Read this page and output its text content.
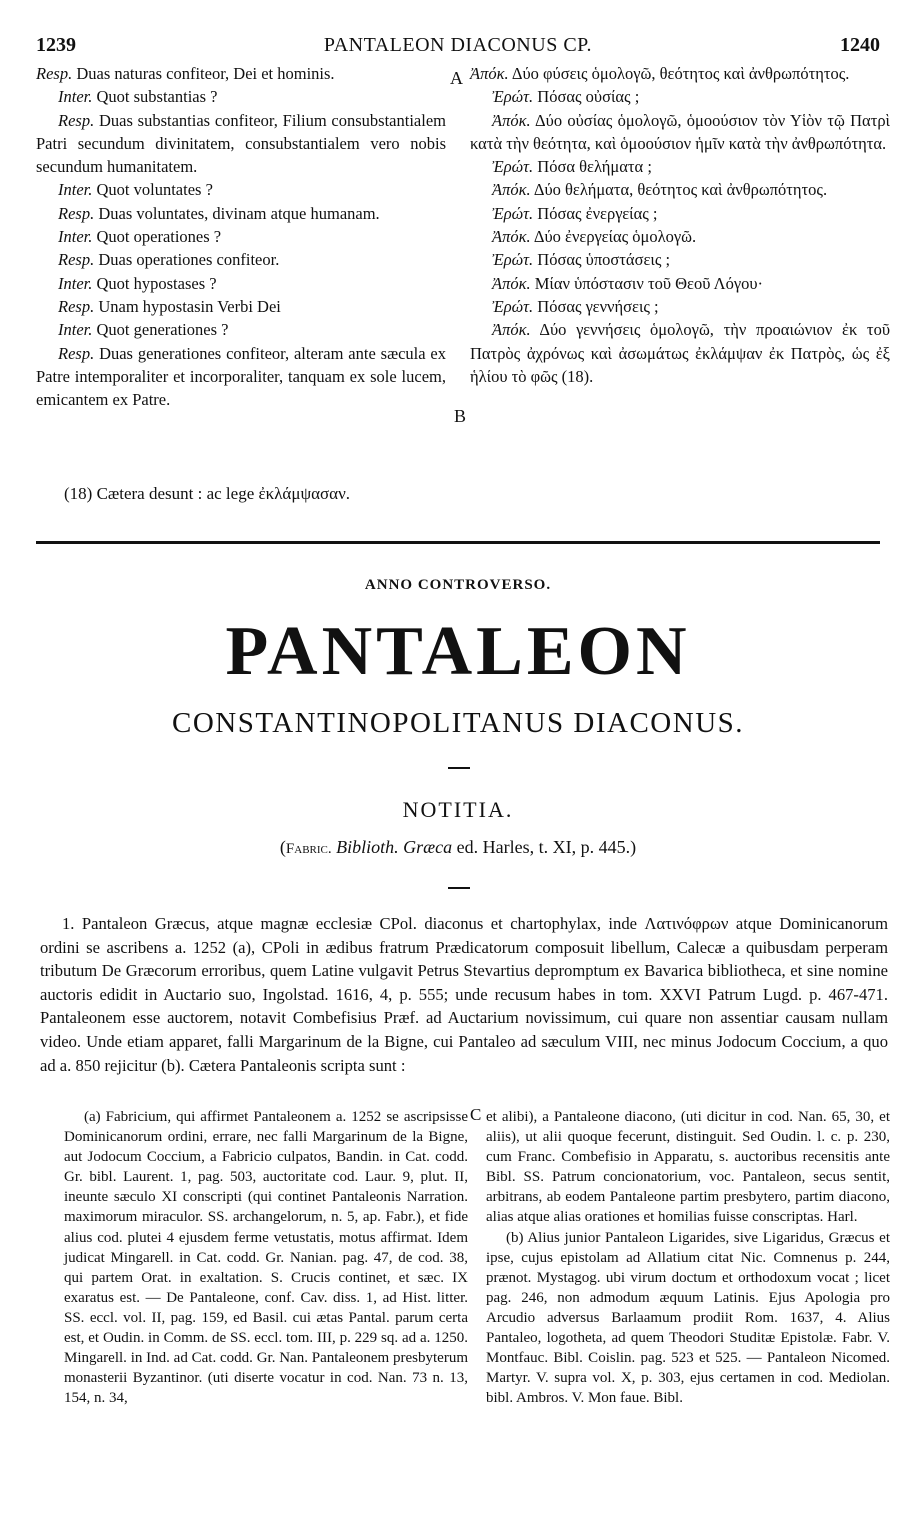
1239	PANTALEON DIACONUS CP.	1240
Resp. Duas naturas confiteor, Dei et hominis.
Inter. Quot substantias ?
Resp. Duas substantias confiteor, Filium consubstantialem Patri secundum divinitatem, consubstantialem vero nobis secundum humanitatem.
Inter. Quot voluntates ?
Resp. Duas voluntates, divinam atque humanam.
Inter. Quot operationes ?
Resp. Duas operationes confiteor.
Inter. Quot hypostases ?
Resp. Unam hypostasin Verbi Dei
Inter. Quot generationes ?
Resp. Duas generationes confiteor, alteram ante sæcula ex Patre intemporaliter et incorporaliter, tanquam ex sole lucem, emicantem ex Patre.
A
B
Ἀπόκ. Δύο φύσεις ὁμολογῶ, θεότητος καὶ ἀνθρωπότητος.
Ἐρώτ. Πόσας οὐσίας ;
Ἀπόκ. Δύο οὐσίας ὁμολογῶ, ὁμοούσιον τὸν Υἱὸν τῷ Πατρὶ κατὰ τὴν θεότητα, καὶ ὁμοούσιον ἡμῖν κατὰ τὴν ἀνθρωπότητα.
Ἐρώτ. Πόσα θελήματα ;
Ἀπόκ. Δύο θελήματα, θεότητος καὶ ἀνθρωπότητος.
Ἐρώτ. Πόσας ἐνεργείας ;
Ἀπόκ. Δύο ἐνεργείας ὁμολογῶ.
Ἐρώτ. Πόσας ὑποστάσεις ;
Ἀπόκ. Μίαν ὑπόστασιν τοῦ Θεοῦ Λόγου·
Ἐρώτ. Πόσας γεννήσεις ;
Ἀπόκ. Δύο γεννήσεις ὁμολογῶ, τὴν προαιώνιον ἐκ τοῦ Πατρὸς ἀχρόνως καὶ ἀσωμάτως ἐκλάμψαν ἐκ Πατρὸς, ὡς ἐξ ἡλίου τὸ φῶς (18).
(18) Cætera desunt : ac lege ἐκλάμψασαν.
ANNO CONTROVERSO.
PANTALEON
CONSTANTINOPOLITANUS DIACONUS.
NOTITIA.
(Fabric. Biblioth. Græca ed. Harles, t. XI, p. 445.)
1. Pantaleon Græcus, atque magnæ ecclesiæ CPol. diaconus et chartophylax, inde Λατινόφρων atque Dominicanorum ordini se ascribens a. 1252 (a), CPoli in ædibus fratrum Prædicatorum composuit libellum, Calecæ a quibusdam perperam tributum De Græcorum erroribus, quem Latine vulgavit Petrus Stevartius depromptum ex Bavarica bibliotheca, et sine nomine auctoris edidit in Auctario suo, Ingolstad. 1616, 4, p. 555; unde recusum habes in tom. XXVI Patrum Lugd. p. 467-471. Pantaleonem esse auctorem, notavit Combefisius Præf. ad Auctarium novissimum, cui quare non assentiar causam nullam video. Unde etiam apparet, falli Margarinum de la Bigne, cui Pantaleo ad sæculum VIII, nec minus Jodocum Coccium, a quo ad a. 850 rejicitur (b). Cætera Pantaleonis scripta sunt :
C

(a) Fabricium, qui affirmet Pantaleonem a. 1252 se ascripsisse Dominicanorum ordini, errare, nec falli Margarinum de la Bigne, aut Jodocum Coccium, a Fabricio culpatos, Bandin. in Cat. codd. Gr. bibl. Laurent. 1, pag. 503, auctoritate cod. Laur. 9, plut. II, ineunte sæculo XI conscripti (qui continet Pantaleonis Narration. maximorum miraculor. SS. archangelorum, n. 5, ap. Fabr.), et fide alius cod. plutei 4 ejusdem ferme vetustatis, motus affirmat. Idem judicat Mingarell. in Cat. codd. Gr. Nanian. pag. 47, de cod. 38, qui partem Orat. in exaltation. S. Crucis continet, et sæc. IX exaratus est. — De Pantaleone, conf. Cav. diss. 1, ad Hist. litter. SS. eccl. vol. II, pag. 159, ed Basil. cui ætas Pantal. parum certa est, et Oudin. in Comm. de SS. eccl. tom. III, p. 229 sq. ad a. 1250. Mingarell. in Ind. ad Cat. codd. Gr. Nan. Pantaleonem presbyterum monasterii Byzantinor. (uti diserte vocatur in cod. Nan. 73 n. 13, 154, n. 34,

et alibi), a Pantaleone diacono, (uti dicitur in cod. Nan. 65, 30, et aliis), ut alii quoque fecerunt, distinguit. Sed Oudin. l. c. p. 230, cum Franc. Combefisio in Apparatu, s. auctoribus recensitis ante Bibl. SS. Patrum concionatorium, voc. Pantaleon, secus sentit, arbitrans, ab eodem Pantaleone partim presbytero, partim diacono, alias atque alias orationes et homilias fuisse conscriptas. Harl.

(b) Alius junior Pantaleon Ligarides, sive Ligaridus, Græcus et ipse, cujus epistolam ad Allatium citat Nic. Comnenus p. 244, prænot. Mystagog. ubi virum doctum et orthodoxum vocat ; licet pag. 246, non admodum æquum Latinis. Ejus Apologia pro Arcudio adversus Barlaamum prodiit Rom. 1637, 4. Alius Pantaleo, logotheta, ad quem Theodori Studitæ Epistolæ. Fabr. V. Montfauc. Bibl. Coislin. pag. 523 et 525. — Pantaleon Nicomed. Martyr. V. supra vol. X, p. 303, ejus certamen in cod. Mediolan. bibl. Ambros. V. Mon faue. Bibl.
